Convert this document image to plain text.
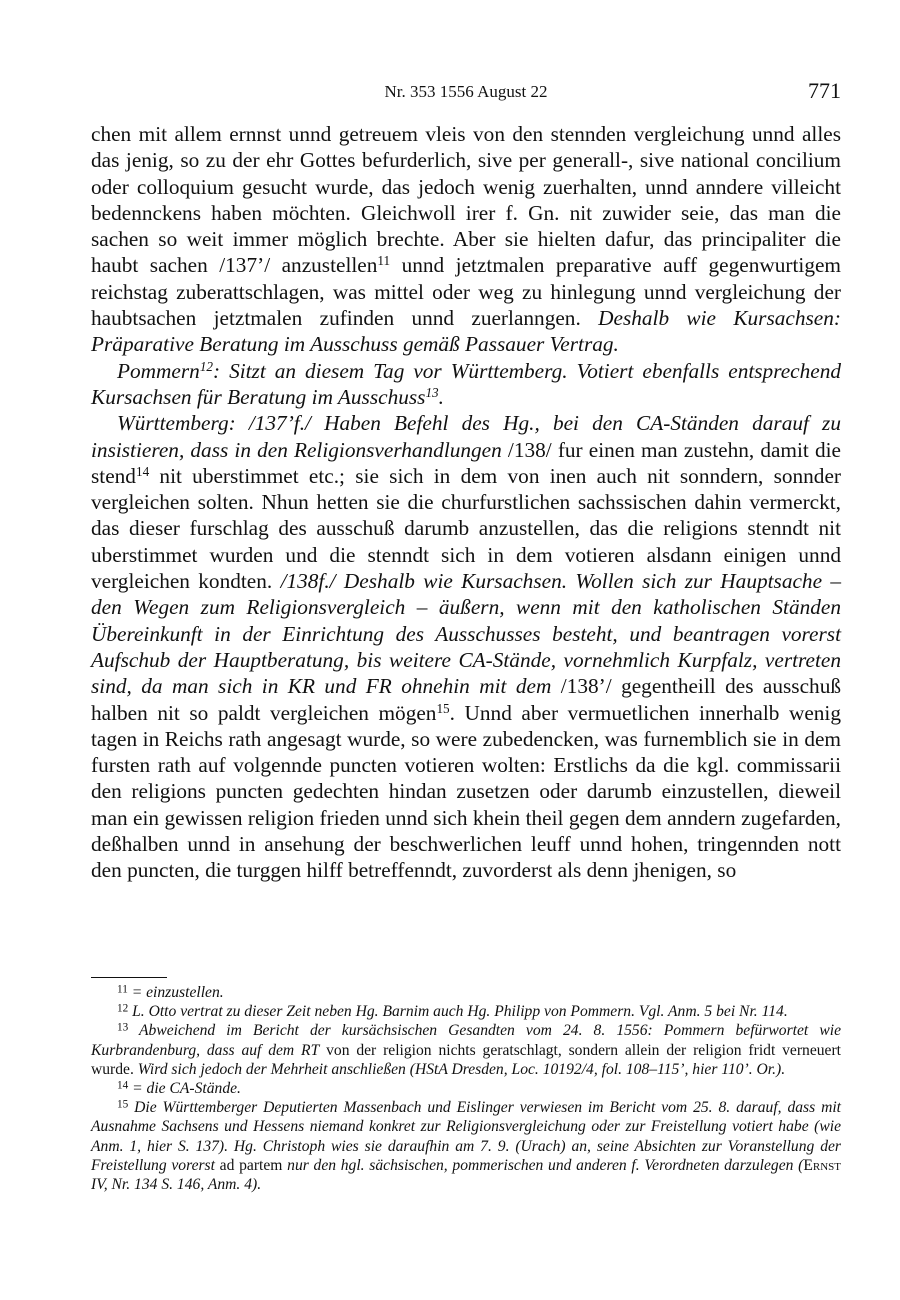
Nr. 353 1556 August 22	771

chen mit allem ernnst unnd getreuem vleis von den stennden vergleichung unnd alles das jenig, so zu der ehr Gottes befurderlich, sive per generall-, sive national concilium oder colloquium gesucht wurde, das jedoch wenig zuerhalten, unnd anndere villeicht bedennckens haben möchten. Gleichwoll irer f. Gn. nit zuwider seie, das man die sachen so weit immer möglich brechte. Aber sie hielten dafur, das principaliter die haubt sachen /137’/ anzustellen$^{11}$ unnd jetztmalen preparative auff gegenwurtigem reichstag zuberattschlagen, was mittel oder weg zu hinlegung unnd vergleichung der haubtsachen jetztmalen zufinden unnd zuerlanngen. Deshalb wie Kursachsen: Präparative Beratung im Ausschuss gemäß Passauer Vertrag.

Pommern$^{12}$: Sitzt an diesem Tag vor Württemberg. Votiert ebenfalls entsprechend Kursachsen für Beratung im Ausschuss$^{13}$.

Württemberg: /137’f./ Haben Befehl des Hg., bei den CA-Ständen darauf zu insistieren, dass in den Religionsverhandlungen /138/ fur einen man zustehn, damit die stend$^{14}$ nit uberstimmet etc.; sie sich in dem von inen auch nit sonndern, sonnder vergleichen solten. Nhun hetten sie die churfurstlichen sachssischen dahin vermerckt, das dieser furschlag des ausschuß darumb anzustellen, das die religions stenndt nit uberstimmet wurden und die stenndt sich in dem votieren alsdann einigen unnd vergleichen kondten. /138f./ Deshalb wie Kursachsen. Wollen sich zur Hauptsache – den Wegen zum Religionsvergleich – äußern, wenn mit den katholischen Ständen Übereinkunft in der Einrichtung des Ausschusses besteht, und beantragen vorerst Aufschub der Hauptberatung, bis weitere CA-Stände, vornehmlich Kurpfalz, vertreten sind, da man sich in KR und FR ohnehin mit dem /138’/ gegentheill des ausschuß halben nit so paldt vergleichen mögen$^{15}$. Unnd aber vermuetlichen innerhalb wenig tagen in Reichs rath angesagt wurde, so were zubedencken, was furnemblich sie in dem fursten rath auf volgennde puncten votieren wolten: Erstlichs da die kgl. commissarii den religions puncten gedechten hindan zusetzen oder darumb einzustellen, dieweil man ein gewissen religion frieden unnd sich khein theil gegen dem anndern zugefarden, deßhalben unnd in ansehung der beschwerlichen leuff unnd hohen, tringennden nott den puncten, die turggen hilff betreffenndt, zuvorderst als denn jhenigen, so

$^{11}$ = einzustellen.

$^{12}$ L. Otto vertrat zu dieser Zeit neben Hg. Barnim auch Hg. Philipp von Pommern. Vgl. Anm. 5 bei Nr. 114.

$^{13}$ Abweichend im Bericht der kursächsischen Gesandten vom 24. 8. 1556: Pommern befürwortet wie Kurbrandenburg, dass auf dem RT von der religion nichts geratschlagt, sondern allein der religion fridt verneuert wurde. Wird sich jedoch der Mehrheit anschließen (HStA Dresden, Loc. 10192/4, fol. 108–115’, hier 110’. Or.).

$^{14}$ = die CA-Stände.

$^{15}$ Die Württemberger Deputierten Massenbach und Eislinger verwiesen im Bericht vom 25. 8. darauf, dass mit Ausnahme Sachsens und Hessens niemand konkret zur Religionsvergleichung oder zur Freistellung votiert habe (wie Anm. 1, hier S. 137). Hg. Christoph wies sie daraufhin am 7. 9. (Urach) an, seine Absichten zur Voranstellung der Freistellung vorerst ad partem nur den hgl. sächsischen, pommerischen und anderen f. Verordneten darzulegen (Ernst IV, Nr. 134 S. 146, Anm. 4).
